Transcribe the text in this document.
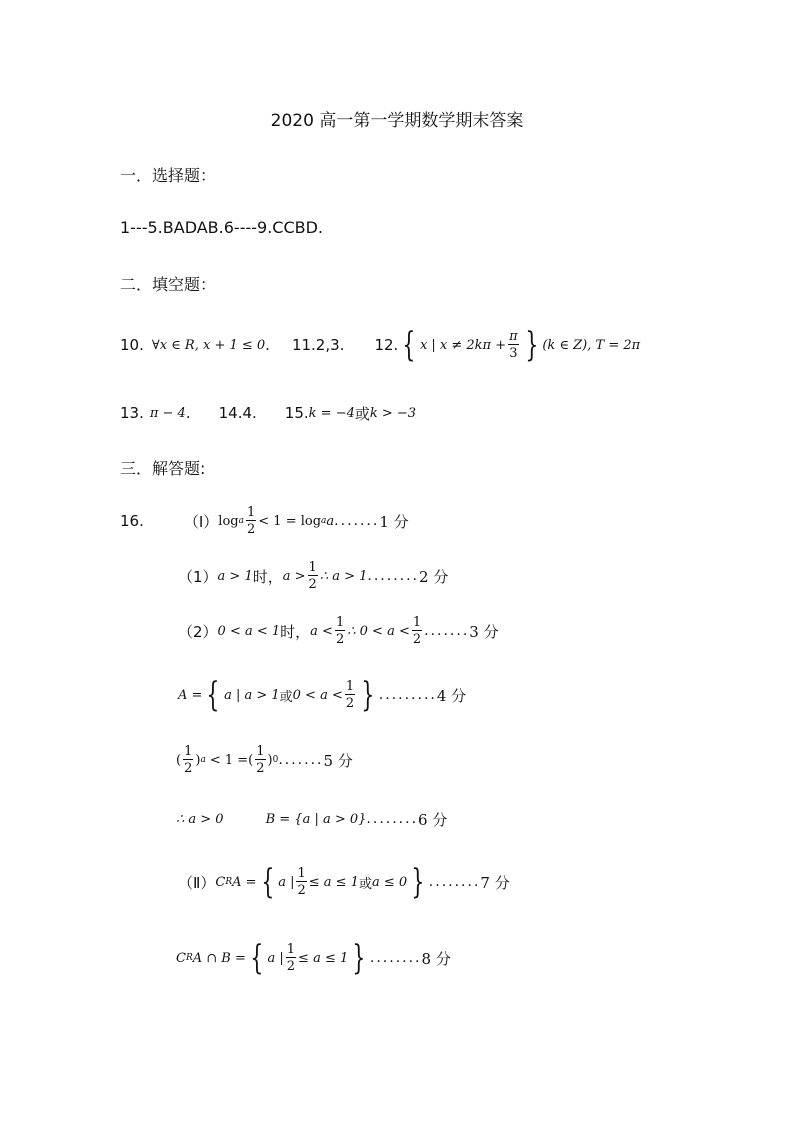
2020 高一第一学期数学期末答案
一．选择题：
1---5.BADAB.6----9.CCBD.
二．填空题：
10. ∀x ∈ R, x + 1 ≤ 0 . 11.2,3. 12. { x | $x \ne 2k\pi + \frac{\pi}{3}$ } (k ∈ Z), T = 2π
13. π − 4 . 14.4. 15. k = −4 或 k > −3
三．解答题:
16.	（Ⅰ） log a $\frac{1}{2} < 1 = \log a$ a ....... 1 分
（1） a > 1 时， $a > \frac{1}{2}$ ∴ a > 1 ........ 2 分
（2） 0 < a < 1 时， $a < \frac{1}{2}$ ∴ $0 < a < \frac{1}{2}$ ....... 3 分
A = { a | a > 1 或 $0 < a < \frac{1}{2}$ } ......... 4 分
( $\frac{1}{2}$ ) a < 1 = ( $\frac{1}{2}$ ) 0 ....... 5 分
∴ a > 0	B = {a | a > 0} ........ 6 分
（Ⅱ） C R A = { a | $\frac{1}{2} \le a \le 1$ 或 a ≤ 0 } ........ 7 分
C R A ∩ B = { a | $\frac{1}{2} \le a \le 1$ } ........ 8 分
